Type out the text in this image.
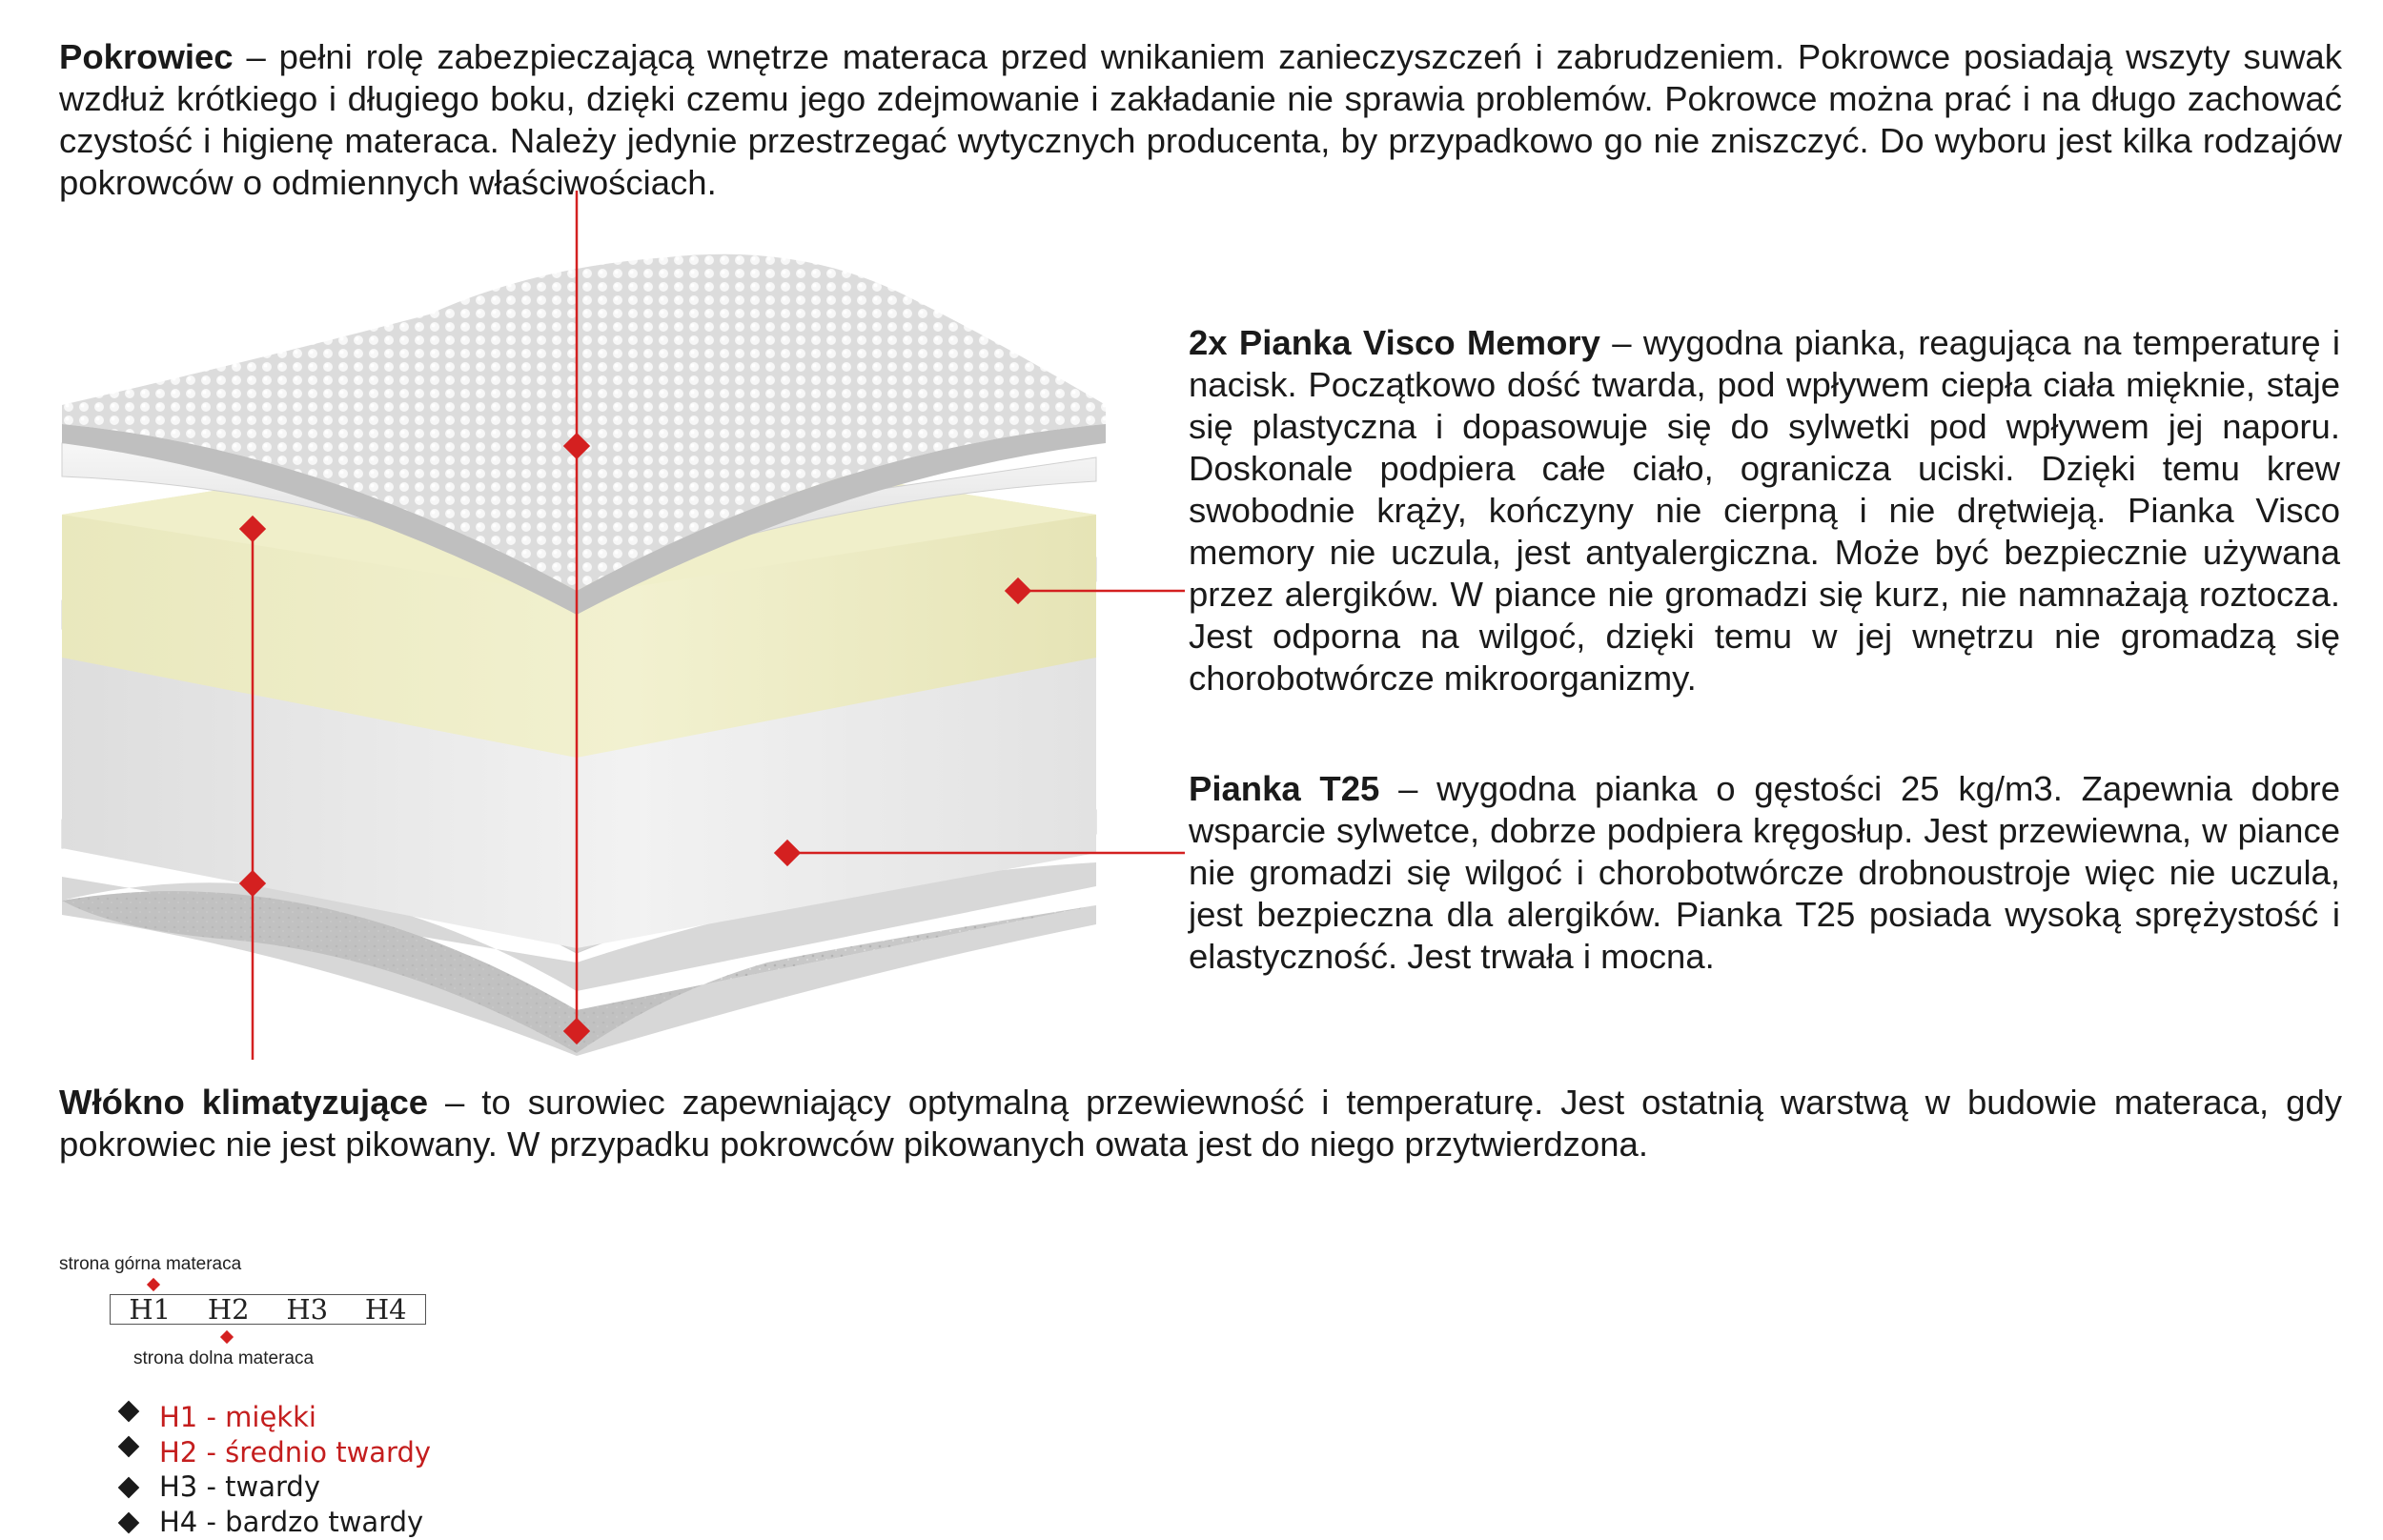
Pokrowiec – pełni rolę zabezpieczającą wnętrze materaca przed wnikaniem zanieczyszczeń i zabrudzeniem. Pokrowce posiadają wszyty suwak wzdłuż krótkiego i długiego boku, dzięki czemu jego zdejmowanie i zakładanie nie sprawia problemów. Pokrowce można prać i na długo zachować czystość i higienę materaca. Należy jedynie przestrzegać wytycznych producenta, by przypadkowo go nie zniszczyć. Do wyboru jest kilka rodzajów pokrowców o odmiennych właściwościach.

2x Pianka Visco Memory – wygodna pianka, reagująca na temperaturę i nacisk. Początkowo dość twarda, pod wpływem ciepła ciała mięknie, staje się plastyczna i dopasowuje się do sylwetki pod wpływem jej naporu. Doskonale podpiera całe ciało, ogranicza uciski. Dzięki temu krew swobodnie krąży, kończyny nie cierpną i nie drętwieją. Pianka Visco memory nie uczula, jest antyalergiczna. Może być bezpiecznie używana przez alergików. W piance nie gromadzi się kurz, nie namnażają roztocza. Jest odporna na wilgoć, dzięki temu w jej wnętrzu nie gromadzą się chorobotwórcze mikroorganizmy.

Pianka T25 – wygodna pianka o gęstości 25 kg/m3. Zapewnia dobre wsparcie sylwetce, dobrze podpiera kręgosłup. Jest przewiewna, w piance nie gromadzi się wilgoć i chorobotwórcze drobnoustroje więc nie uczula, jest bezpieczna dla alergików. Pianka T25 posiada wysoką sprężystość i elastyczność. Jest trwała i mocna.

Włókno klimatyzujące – to surowiec zapewniający optymalną przewiewność i temperaturę. Jest ostatnią warstwą w budowie materaca, gdy pokrowiec nie jest pikowany. W przypadku pokrowców pikowanych owata jest do niego przytwierdzona.

strona górna materaca
H1	H2	H3	H4
strona dolna materaca
H1 - miękki
H2 - średnio twardy
H3 - twardy
H4 - bardzo twardy
